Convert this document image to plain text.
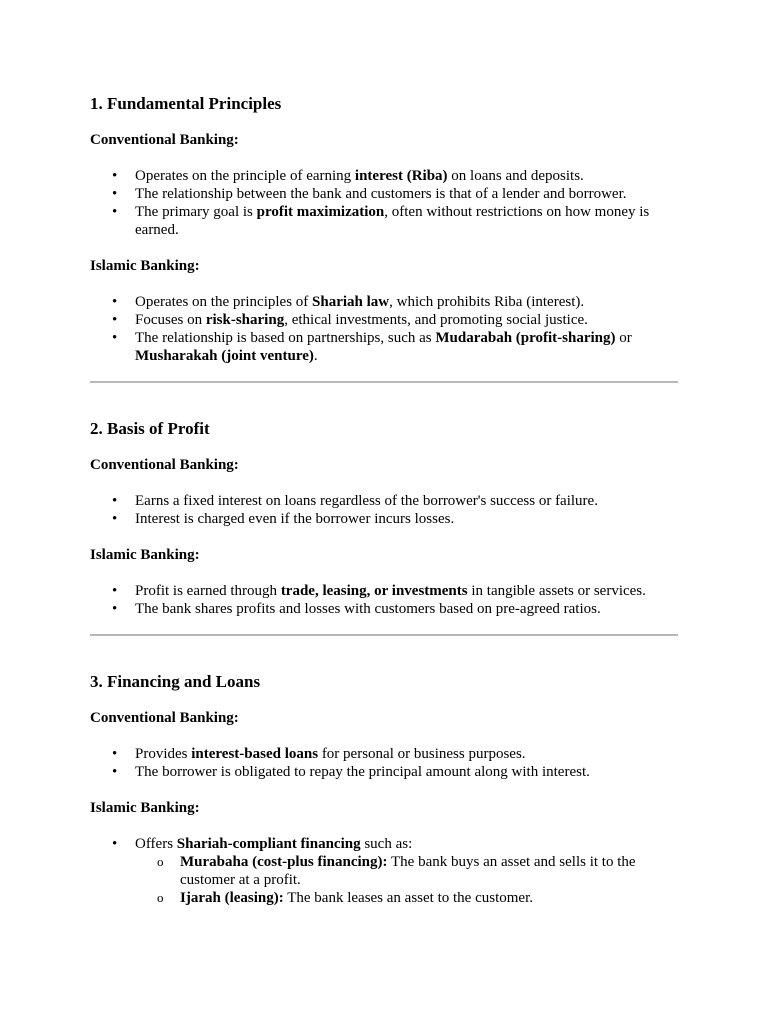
1. Fundamental Principles

Conventional Banking:

• Operates on the principle of earning interest (Riba) on loans and deposits.
• The relationship between the bank and customers is that of a lender and borrower.
• The primary goal is profit maximization, often without restrictions on how money is earned.

Islamic Banking:

• Operates on the principles of Shariah law, which prohibits Riba (interest).
• Focuses on risk-sharing, ethical investments, and promoting social justice.
• The relationship is based on partnerships, such as Mudarabah (profit-sharing) or Musharakah (joint venture).
2. Basis of Profit

Conventional Banking:

• Earns a fixed interest on loans regardless of the borrower's success or failure.
• Interest is charged even if the borrower incurs losses.

Islamic Banking:

• Profit is earned through trade, leasing, or investments in tangible assets or services.
• The bank shares profits and losses with customers based on pre-agreed ratios.
3. Financing and Loans

Conventional Banking:

• Provides interest-based loans for personal or business purposes.
• The borrower is obligated to repay the principal amount along with interest.

Islamic Banking:

• Offers Shariah-compliant financing such as:
o Murabaha (cost-plus financing): The bank buys an asset and sells it to the customer at a profit.
o Ijarah (leasing): The bank leases an asset to the customer.
